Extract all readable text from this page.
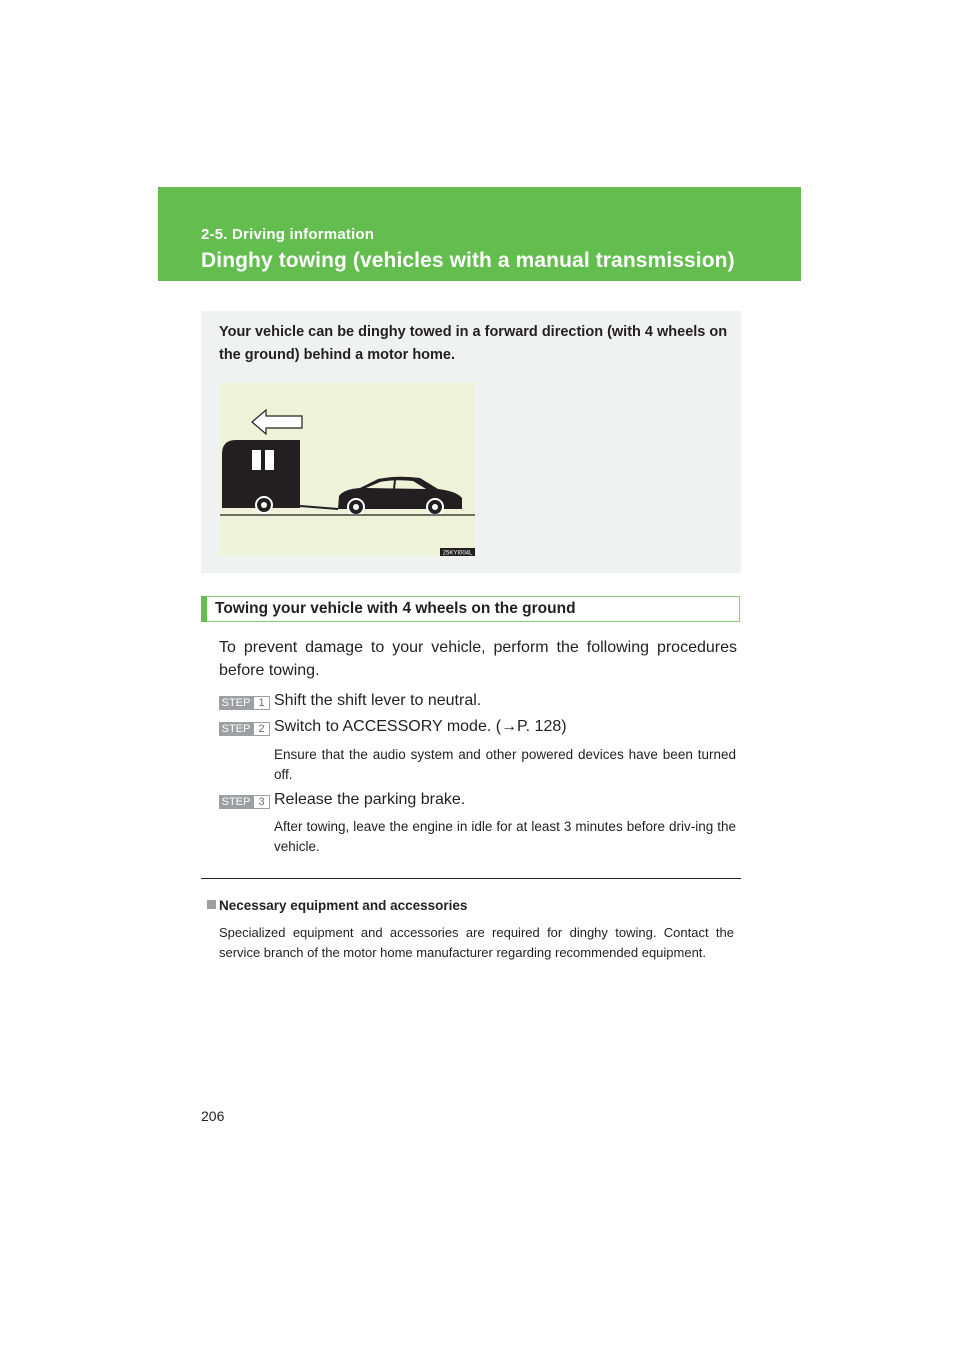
2-5. Driving information
Dinghy towing (vehicles with a manual transmission)
Your vehicle can be dinghy towed in a forward direction (with 4 wheels on the ground) behind a motor home.
25KYI004L
Towing your vehicle with 4 wheels on the ground
To prevent damage to your vehicle, perform the following procedures before towing.
STEP 1 Shift the shift lever to neutral.
STEP 2 Switch to ACCESSORY mode. (→P. 128)
Ensure that the audio system and other powered devices have been turned off.
STEP 3 Release the parking brake.
After towing, leave the engine in idle for at least 3 minutes before driv-ing the vehicle.
Necessary equipment and accessories
Specialized equipment and accessories are required for dinghy towing. Contact the service branch of the motor home manufacturer regarding recommended equipment.
206
